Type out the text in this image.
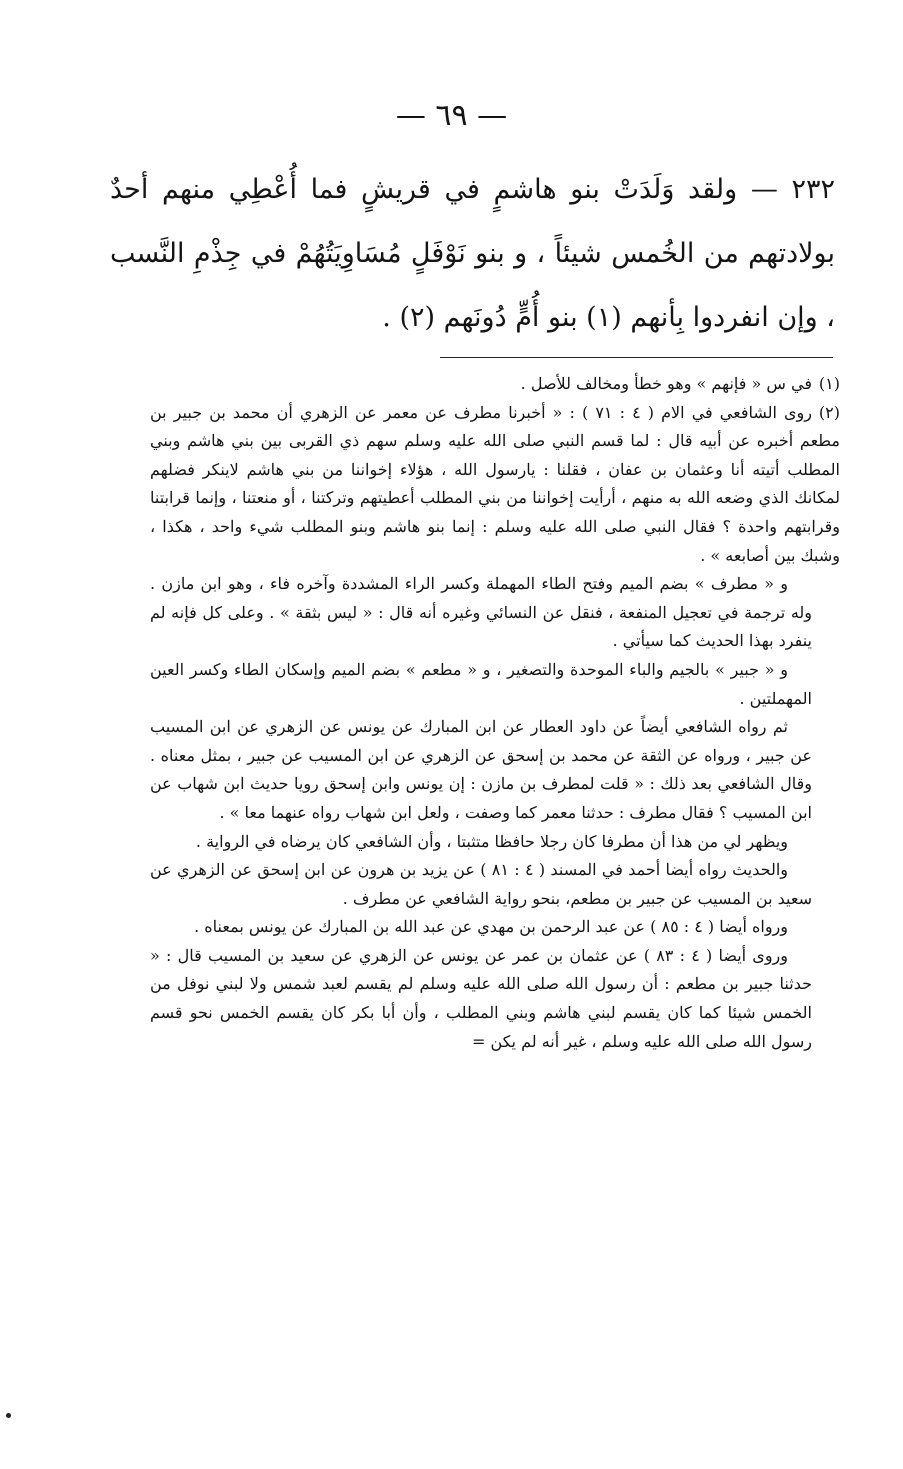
— ٦٩ —

٢٣٢ — ولقد وَلَدَتْ بنو هاشمٍ في قريشٍ فما أُعْطِي منهم أحدٌ بولادتهم من الخُمس شيئاً ، و بنو نَوْفَلٍ مُسَاوِيَتُهُمْ في جِذْمِ النَّسب ، وإن انفردوا بِأنهم (١) بنو أُمٍّ دُونَهم (٢) .

(١)في س « فإنهم » وهو خطأ ومخالف للأصل .

(٢)روى الشافعي في الام ( ٤ : ٧١ ) : « أخبرنا مطرف عن معمر عن الزهري أن محمد بن جبير بن مطعم أخبره عن أبيه قال : لما قسم النبي صلى الله عليه وسلم سهم ذي القربى بين بني هاشم وبني المطلب أتيته أنا وعثمان بن عفان ، فقلنا : يارسول الله ، هؤلاء إخواننا من بني هاشم لاينكر فضلهم لمكانك الذي وضعه الله به منهم ، أرأيت إخواننا من بني المطلب أعطيتهم وتركتنا ، أو منعتنا ، وإنما قرابتنا وقرابتهم واحدة ؟ فقال النبي صلى الله عليه وسلم : إنما بنو هاشم وبنو المطلب شيء واحد ، هكذا ، وشبك بين أصابعه » .

و « مطرف » بضم الميم وفتح الطاء المهملة وكسر الراء المشددة وآخره فاء ، وهو ابن مازن . وله ترجمة في تعجيل المنفعة ، فنقل عن النسائي وغيره أنه قال : « ليس بثقة » . وعلى كل فإنه لم ينفرد بهذا الحديث كما سيأتي .

و « جبير » بالجيم والباء الموحدة والتصغير ، و « مطعم » بضم الميم وإسكان الطاء وكسر العين المهملتين .

ثم رواه الشافعي أيضاً عن داود العطار عن ابن المبارك عن يونس عن الزهري عن ابن المسيب عن جبير ، ورواه عن الثقة عن محمد بن إسحق عن الزهري عن ابن المسيب عن جبير ، بمثل معناه . وقال الشافعي بعد ذلك : « قلت لمطرف بن مازن : إن يونس وابن إسحق رويا حديث ابن شهاب عن ابن المسيب ؟ فقال مطرف : حدثنا معمر كما وصفت ، ولعل ابن شهاب رواه عنهما معا » .

ويظهر لي من هذا أن مطرفا كان رجلا حافظا متثبتا ، وأن الشافعي كان يرضاه في الرواية .

والحديث رواه أيضا أحمد في المسند ( ٤ : ٨١ ) عن يزيد بن هرون عن ابن إسحق عن الزهري عن سعيد بن المسيب عن جبير بن مطعم، بنحو رواية الشافعي عن مطرف .

ورواه أيضا ( ٤ : ٨٥ ) عن عبد الرحمن بن مهدي عن عبد الله بن المبارك عن يونس بمعناه .

وروى أيضا ( ٤ : ٨٣ ) عن عثمان بن عمر عن يونس عن الزهري عن سعيد بن المسيب قال : « حدثنا جبير بن مطعم : أن رسول الله صلى الله عليه وسلم لم يقسم لعبد شمس ولا لبني نوفل من الخمس شيئا كما كان يقسم لبني هاشم وبني المطلب ، وأن أبا بكر كان يقسم الخمس نحو قسم رسول الله صلى الله عليه وسلم ، غير أنه لم يكن =
